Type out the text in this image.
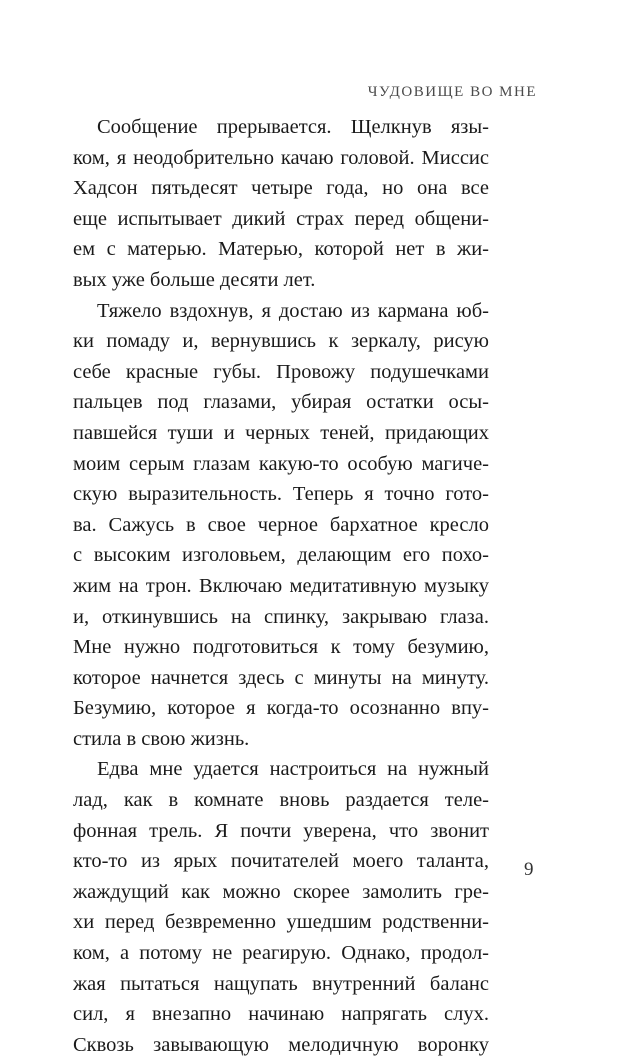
ЧУДОВИЩЕ ВО МНЕ
Сообщение прерывается. Щелкнув язы-
ком, я неодобрительно качаю головой. Миссис
Хадсон пятьдесят четыре года, но она все
еще испытывает дикий страх перед общени-
ем с матерью. Матерью, которой нет в жи-
вых уже больше десяти лет.
Тяжело вздохнув, я достаю из кармана юб-
ки помаду и, вернувшись к зеркалу, рисую
себе красные губы. Провожу подушечками
пальцев под глазами, убирая остатки осы-
павшейся туши и черных теней, придающих
моим серым глазам какую-то особую магиче-
скую выразительность. Теперь я точно гото-
ва. Сажусь в свое черное бархатное кресло
с высоким изголовьем, делающим его похо-
жим на трон. Включаю медитативную музыку
и, откинувшись на спинку, закрываю глаза.
Мне нужно подготовиться к тому безумию,
которое начнется здесь с минуты на минуту.
Безумию, которое я когда-то осознанно впу-
стила в свою жизнь.
Едва мне удается настроиться на нужный
лад, как в комнате вновь раздается теле-
фонная трель. Я почти уверена, что звонит
кто-то из ярых почитателей моего таланта,
жаждущий как можно скорее замолить гре-
хи перед безвременно ушедшим родственни-
ком, а потому не реагирую. Однако, продол-
жая пытаться нащупать внутренний баланс
сил, я внезапно начинаю напрягать слух.
Сквозь завывающую мелодичную воронку
9
